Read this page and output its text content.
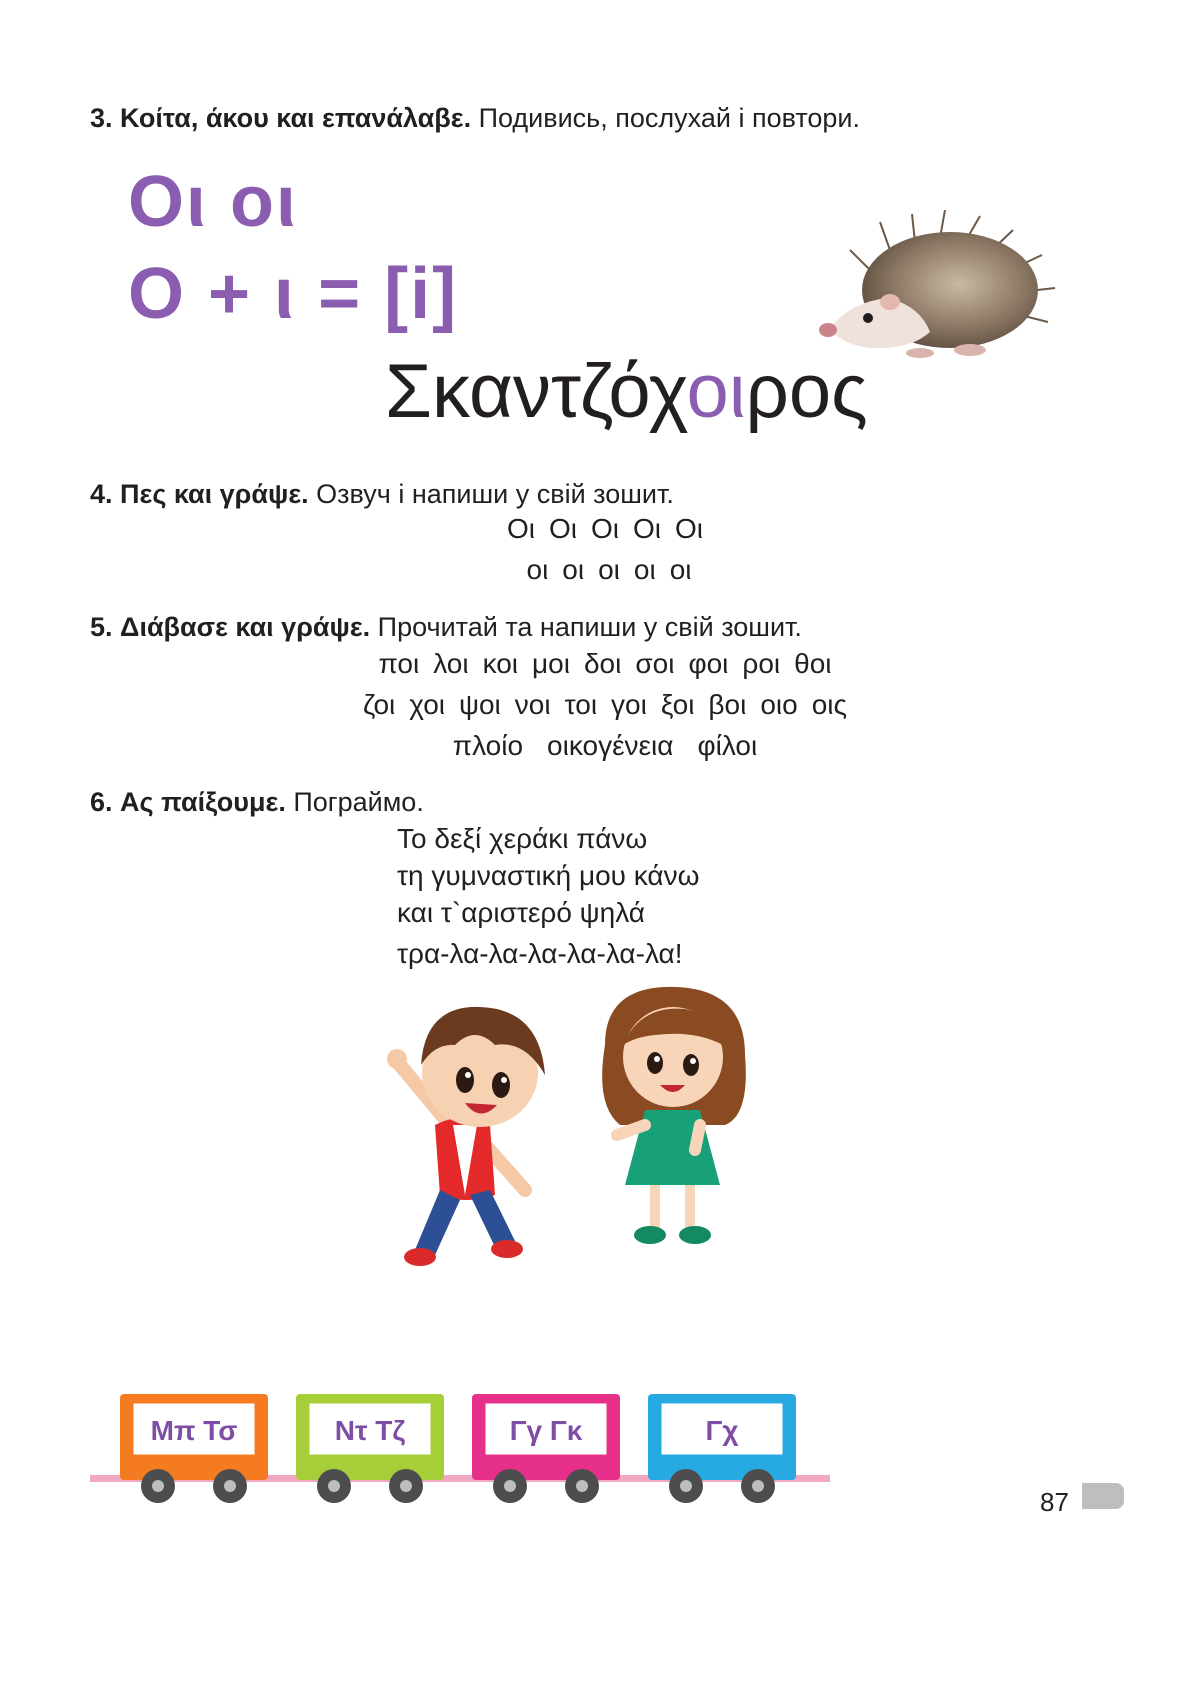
3. Κοίτα, άκου και επανάλαβε. Подивись, послухай і повтори.
Οι οι
Ο + ι = [i]
Σκαντζόχοιρος
4. Πες και γράψε. Озвуч і напиши у свій зошит.
Οι Οι Οι Οι Οι
οι οι οι οι οι
5. Διάβασε και γράψε. Прочитай та напиши у свій зошит.
ποι λοι κοι μοι δοι σοι φοι ροι θοι
ζοι χοι ψοι νοι τοι γοι ξοι βοι οιο οις
πλοίο οικογένεια φίλοι
6. Ας παίξουμε. Пограймо.
Το δεξί χεράκι πάνω
τη γυμναστική μου κάνω
και τ`αριστερό ψηλά
τρα-λα-λα-λα-λα-λα-λα!
Μπ Τσ	Ντ Τζ	Γγ Γκ	Γχ
87
